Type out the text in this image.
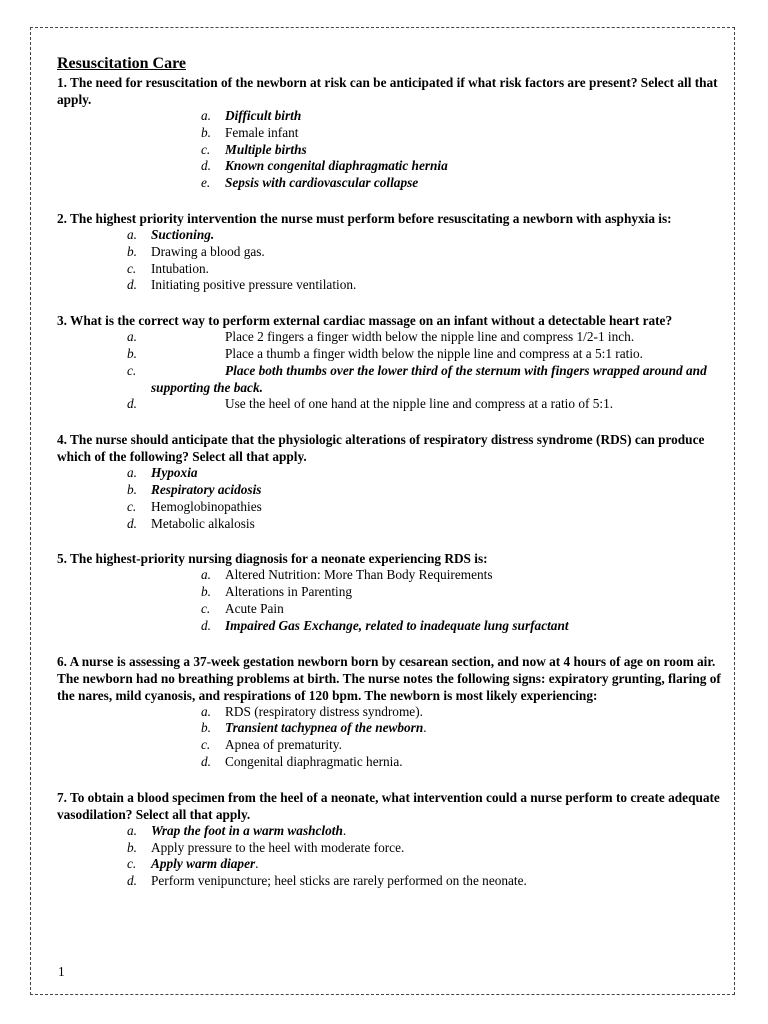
Resuscitation Care
1. The need for resuscitation of the newborn at risk can be anticipated if what risk factors are present? Select all that apply.
a. Difficult birth
b. Female infant
c. Multiple births
d. Known congenital diaphragmatic hernia
e. Sepsis with cardiovascular collapse
2. The highest priority intervention the nurse must perform before resuscitating a newborn with asphyxia is:
a. Suctioning.
b. Drawing a blood gas.
c. Intubation.
d. Initiating positive pressure ventilation.
3. What is the correct way to perform external cardiac massage on an infant without a detectable heart rate?
a.	Place 2 fingers a finger width below the nipple line and compress 1/2-1 inch.
b.	Place a thumb a finger width below the nipple line and compress at a 5:1 ratio.
c.	Place both thumbs over the lower third of the sternum with fingers wrapped around and supporting the back.
d.	Use the heel of one hand at the nipple line and compress at a ratio of 5:1.
4. The nurse should anticipate that the physiologic alterations of respiratory distress syndrome (RDS) can produce which of the following? Select all that apply.
a. Hypoxia
b. Respiratory acidosis
c. Hemoglobinopathies
d. Metabolic alkalosis
5. The highest-priority nursing diagnosis for a neonate experiencing RDS is:
a. Altered Nutrition: More Than Body Requirements
b. Alterations in Parenting
c. Acute Pain
d. Impaired Gas Exchange, related to inadequate lung surfactant
6. A nurse is assessing a 37-week gestation newborn born by cesarean section, and now at 4 hours of age on room air. The newborn had no breathing problems at birth. The nurse notes the following signs: expiratory grunting, flaring of the nares, mild cyanosis, and respirations of 120 bpm. The newborn is most likely experiencing:
a. RDS (respiratory distress syndrome).
b. Transient tachypnea of the newborn.
c. Apnea of prematurity.
d. Congenital diaphragmatic hernia.
7. To obtain a blood specimen from the heel of a neonate, what intervention could a nurse perform to create adequate vasodilation? Select all that apply.
a. Wrap the foot in a warm washcloth.
b. Apply pressure to the heel with moderate force.
c. Apply warm diaper.
d. Perform venipuncture; heel sticks are rarely performed on the neonate.
1
